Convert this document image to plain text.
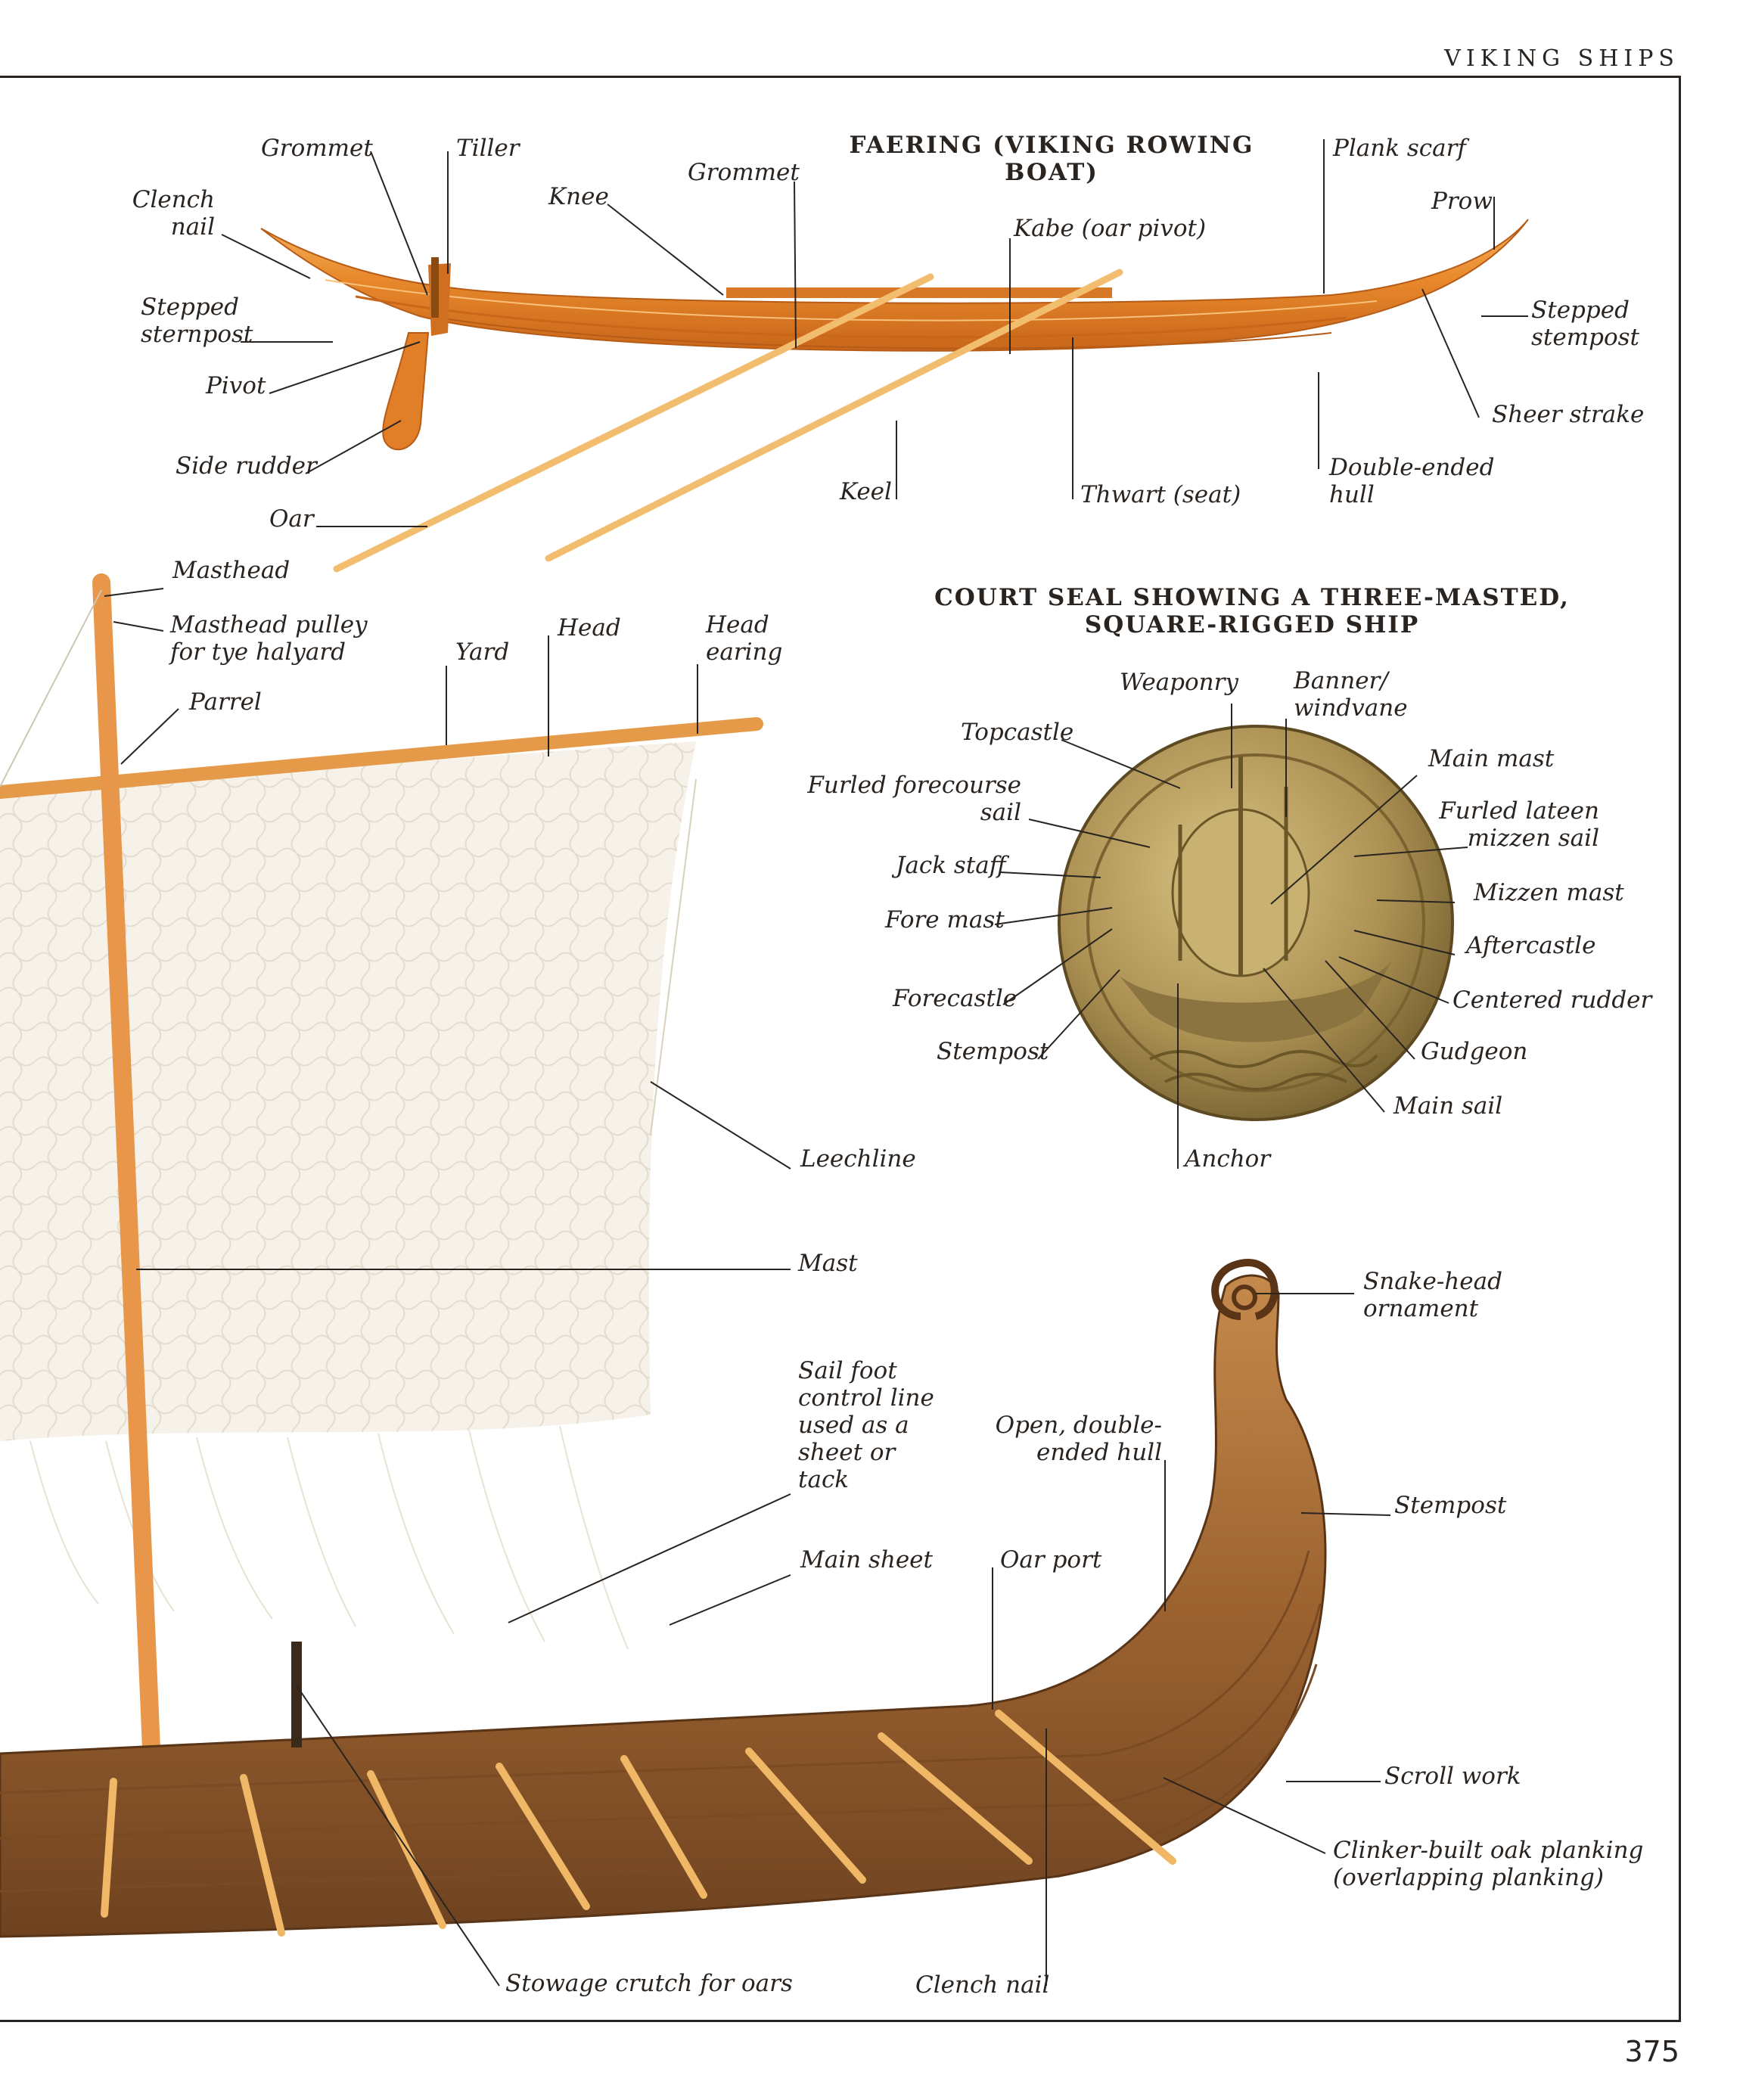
VIKING SHIPS
375
FAERING (VIKING ROWING BOAT)
COURT SEAL SHOWING A THREE-MASTED,
SQUARE-RIGGED SHIP
Grommet	Tiller
Clench
nail
Knee
Grommet
Kabe (oar pivot)
Plank scarf
Prow
Stepped
sternpost
Stepped
stempost
Pivot
Sheer strake
Side rudder
Keel	Thwart (seat)
Double-ended
hull
Oar
Masthead
Masthead pulley
for tye halyard	Yard
Head	Head
earing
Parrel
Leechline
Mast
Sail foot
control line
used as a
sheet or
tack
Main sheet
Weaponry Banner/
windvane
Topcastle
Main mast
Furled forecourse
sail	Furled lateen
mizzen sail
Jack staff
Mizzen mast
Fore mast
Aftercastle
Forecastle	Centered rudder
Stempost	Gudgeon
Main sail
Anchor
Snake-head
ornament
Open, double-
ended hull
Stempost
Oar port
Scroll work
Clinker-built oak planking
(overlapping planking)
Stowage crutch for oars	Clench nail
